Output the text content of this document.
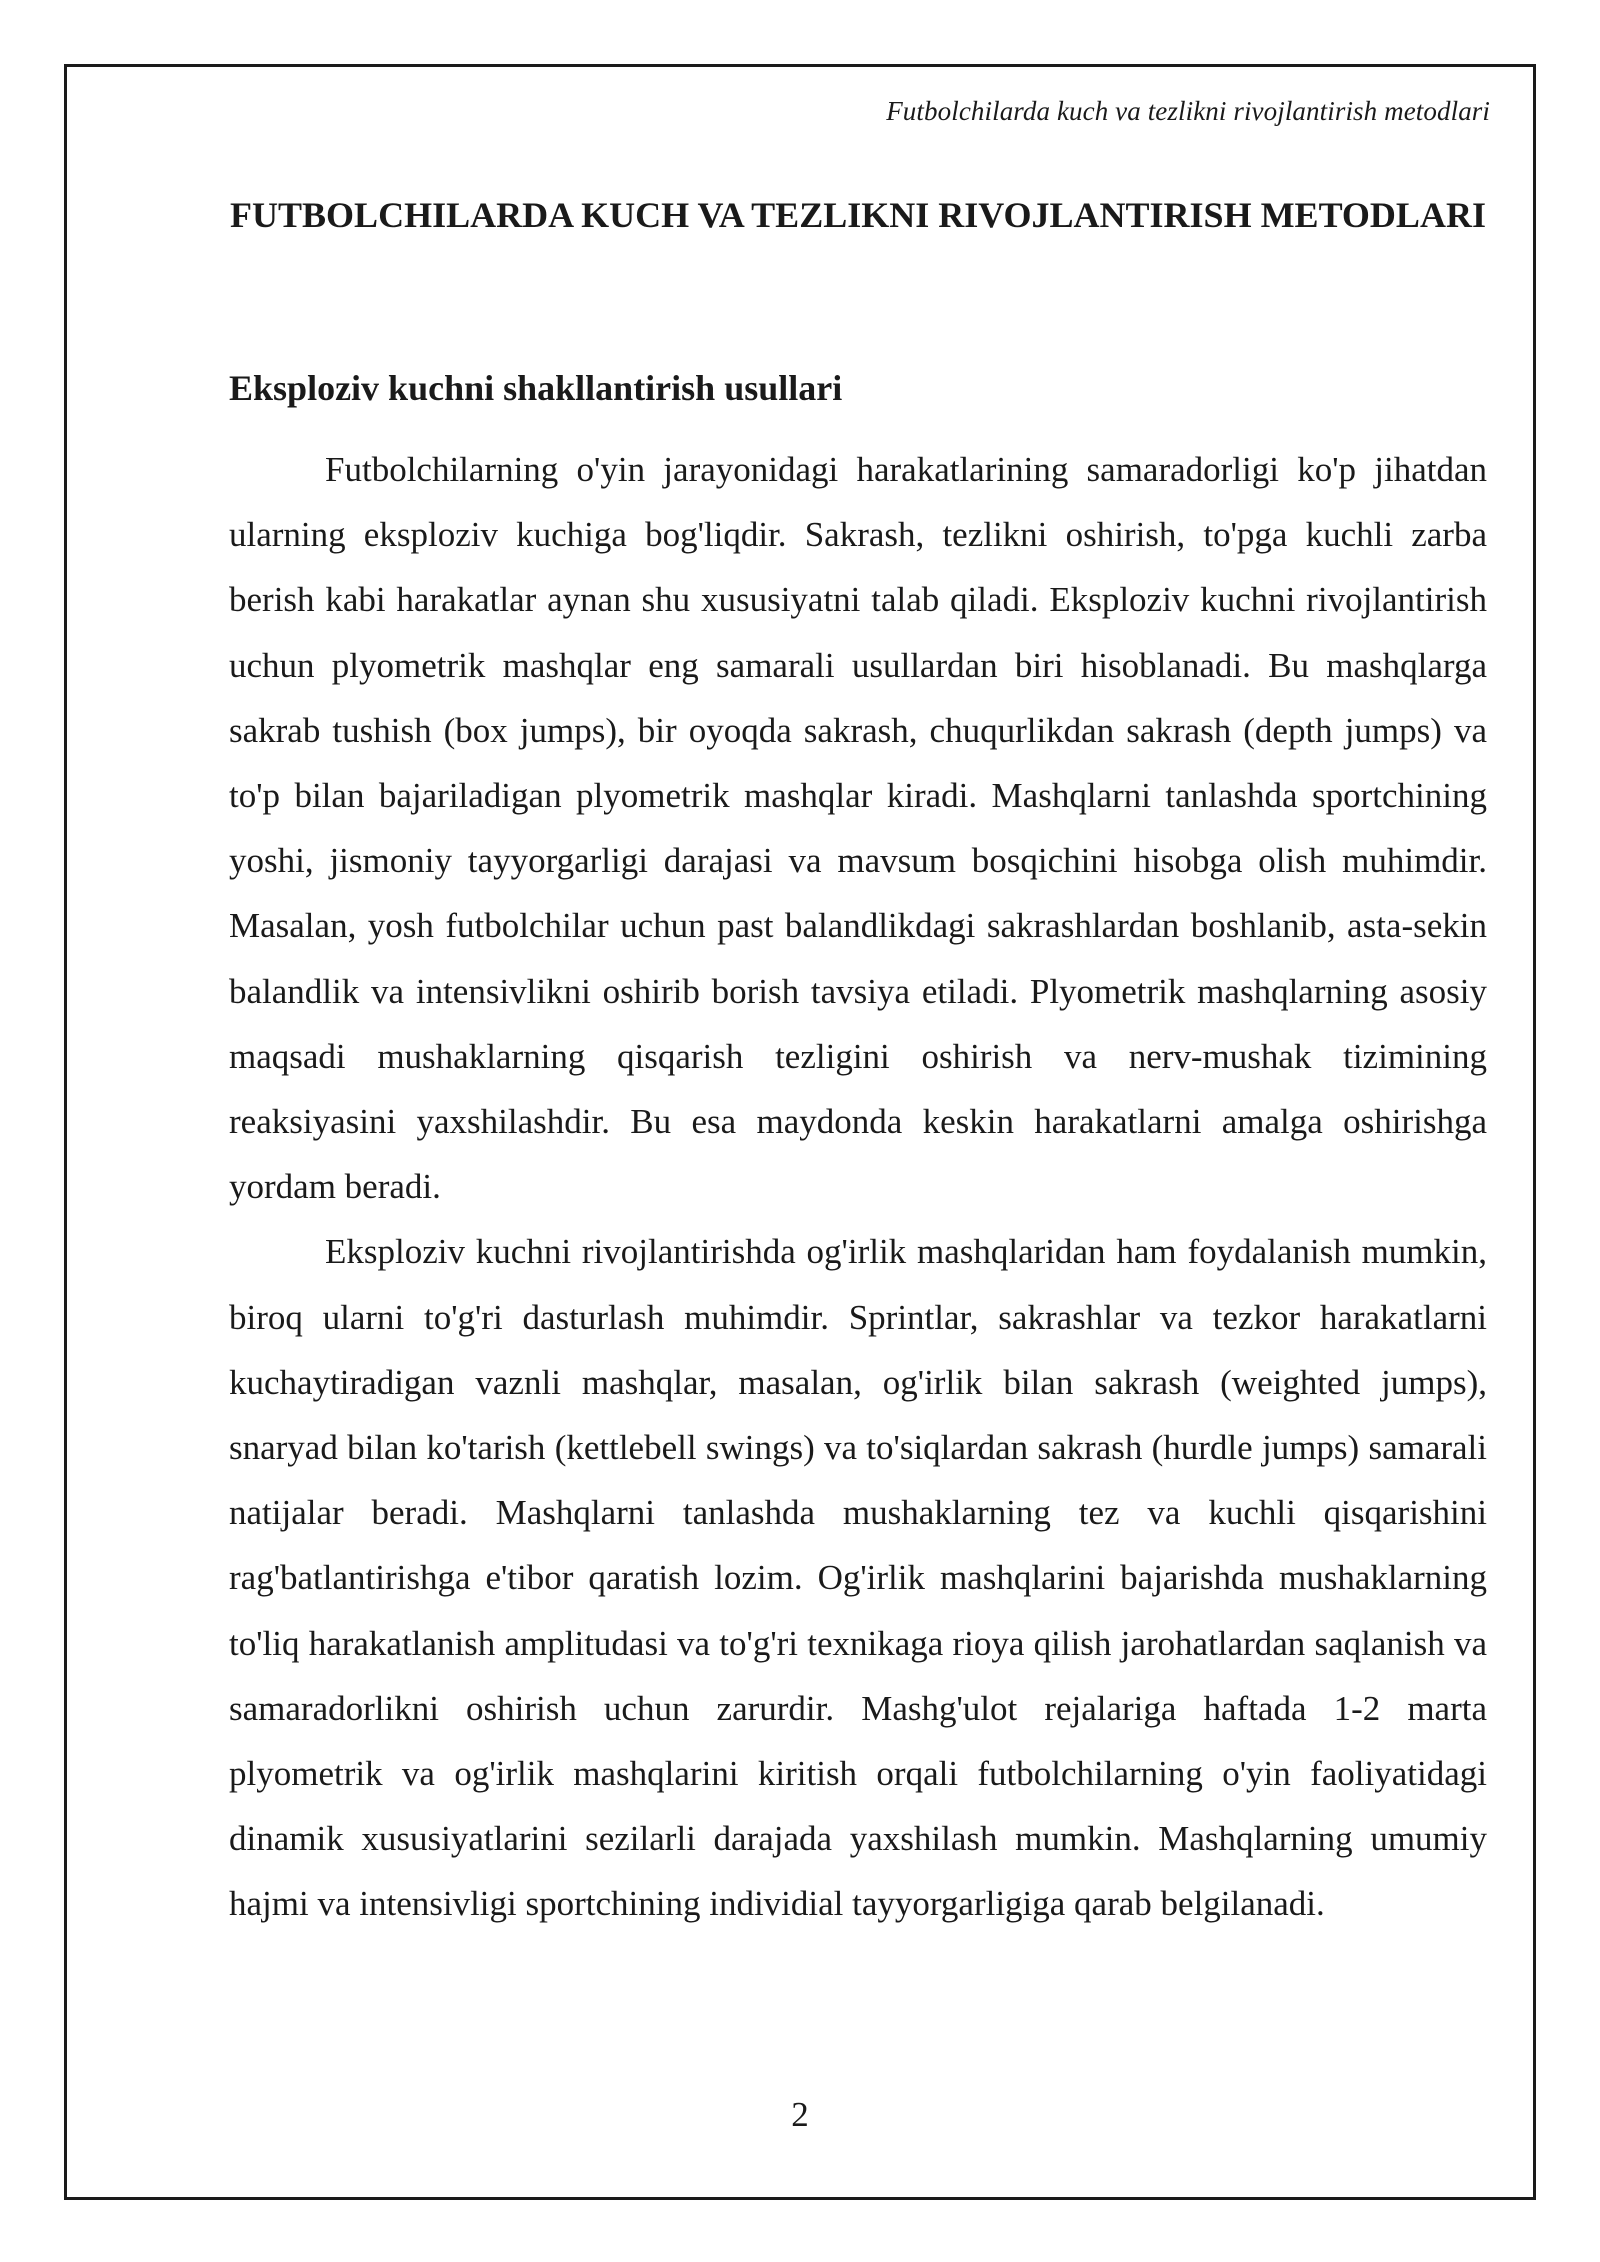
Futbolchilarda kuch va tezlikni rivojlantirish metodlari
FUTBOLCHILARDA KUCH VA TEZLIKNI RIVOJLANTIRISH METODLARI
Eksploziv kuchni shakllantirish usullari

Futbolchilarning o'yin jarayonidagi harakatlarining samaradorligi ko'p jihatdan ularning eksploziv kuchiga bog'liqdir. Sakrash, tezlikni oshirish, to'pga kuchli zarba berish kabi harakatlar aynan shu xususiyatni talab qiladi. Eksploziv kuchni rivojlantirish uchun plyometrik mashqlar eng samarali usullardan biri hisoblanadi. Bu mashqlarga sakrab tushish (box jumps), bir oyoqda sakrash, chuqurlikdan sakrash (depth jumps) va to'p bilan bajariladigan plyometrik mashqlar kiradi. Mashqlarni tanlashda sportchining yoshi, jismoniy tayyorgarligi darajasi va mavsum bosqichini hisobga olish muhimdir. Masalan, yosh futbolchilar uchun past balandlikdagi sakrashlardan boshlanib, asta-sekin balandlik va intensivlikni oshirib borish tavsiya etiladi. Plyometrik mashqlarning asosiy maqsadi mushaklarning qisqarish tezligini oshirish va nerv-mushak tizimining reaksiyasini yaxshilashdir. Bu esa maydonda keskin harakatlarni amalga oshirishga yordam beradi.

Eksploziv kuchni rivojlantirishda og'irlik mashqlaridan ham foydalanish mumkin, biroq ularni to'g'ri dasturlash muhimdir. Sprintlar, sakrashlar va tezkor harakatlarni kuchaytiradigan vaznli mashqlar, masalan, og'irlik bilan sakrash (weighted jumps), snaryad bilan ko'tarish (kettlebell swings) va to'siqlardan sakrash (hurdle jumps) samarali natijalar beradi. Mashqlarni tanlashda mushaklarning tez va kuchli qisqarishini rag'batlantirishga e'tibor qaratish lozim. Og'irlik mashqlarini bajarishda mushaklarning to'liq harakatlanish amplitudasi va to'g'ri texnikaga rioya qilish jarohatlardan saqlanish va samaradorlikni oshirish uchun zarurdir. Mashg'ulot rejalariga haftada 1-2 marta plyometrik va og'irlik mashqlarini kiritish orqali futbolchilarning o'yin faoliyatidagi dinamik xususiyatlarini sezilarli darajada yaxshilash mumkin. Mashqlarning umumiy hajmi va intensivligi sportchining individial tayyorgarligiga qarab belgilanadi.

2
